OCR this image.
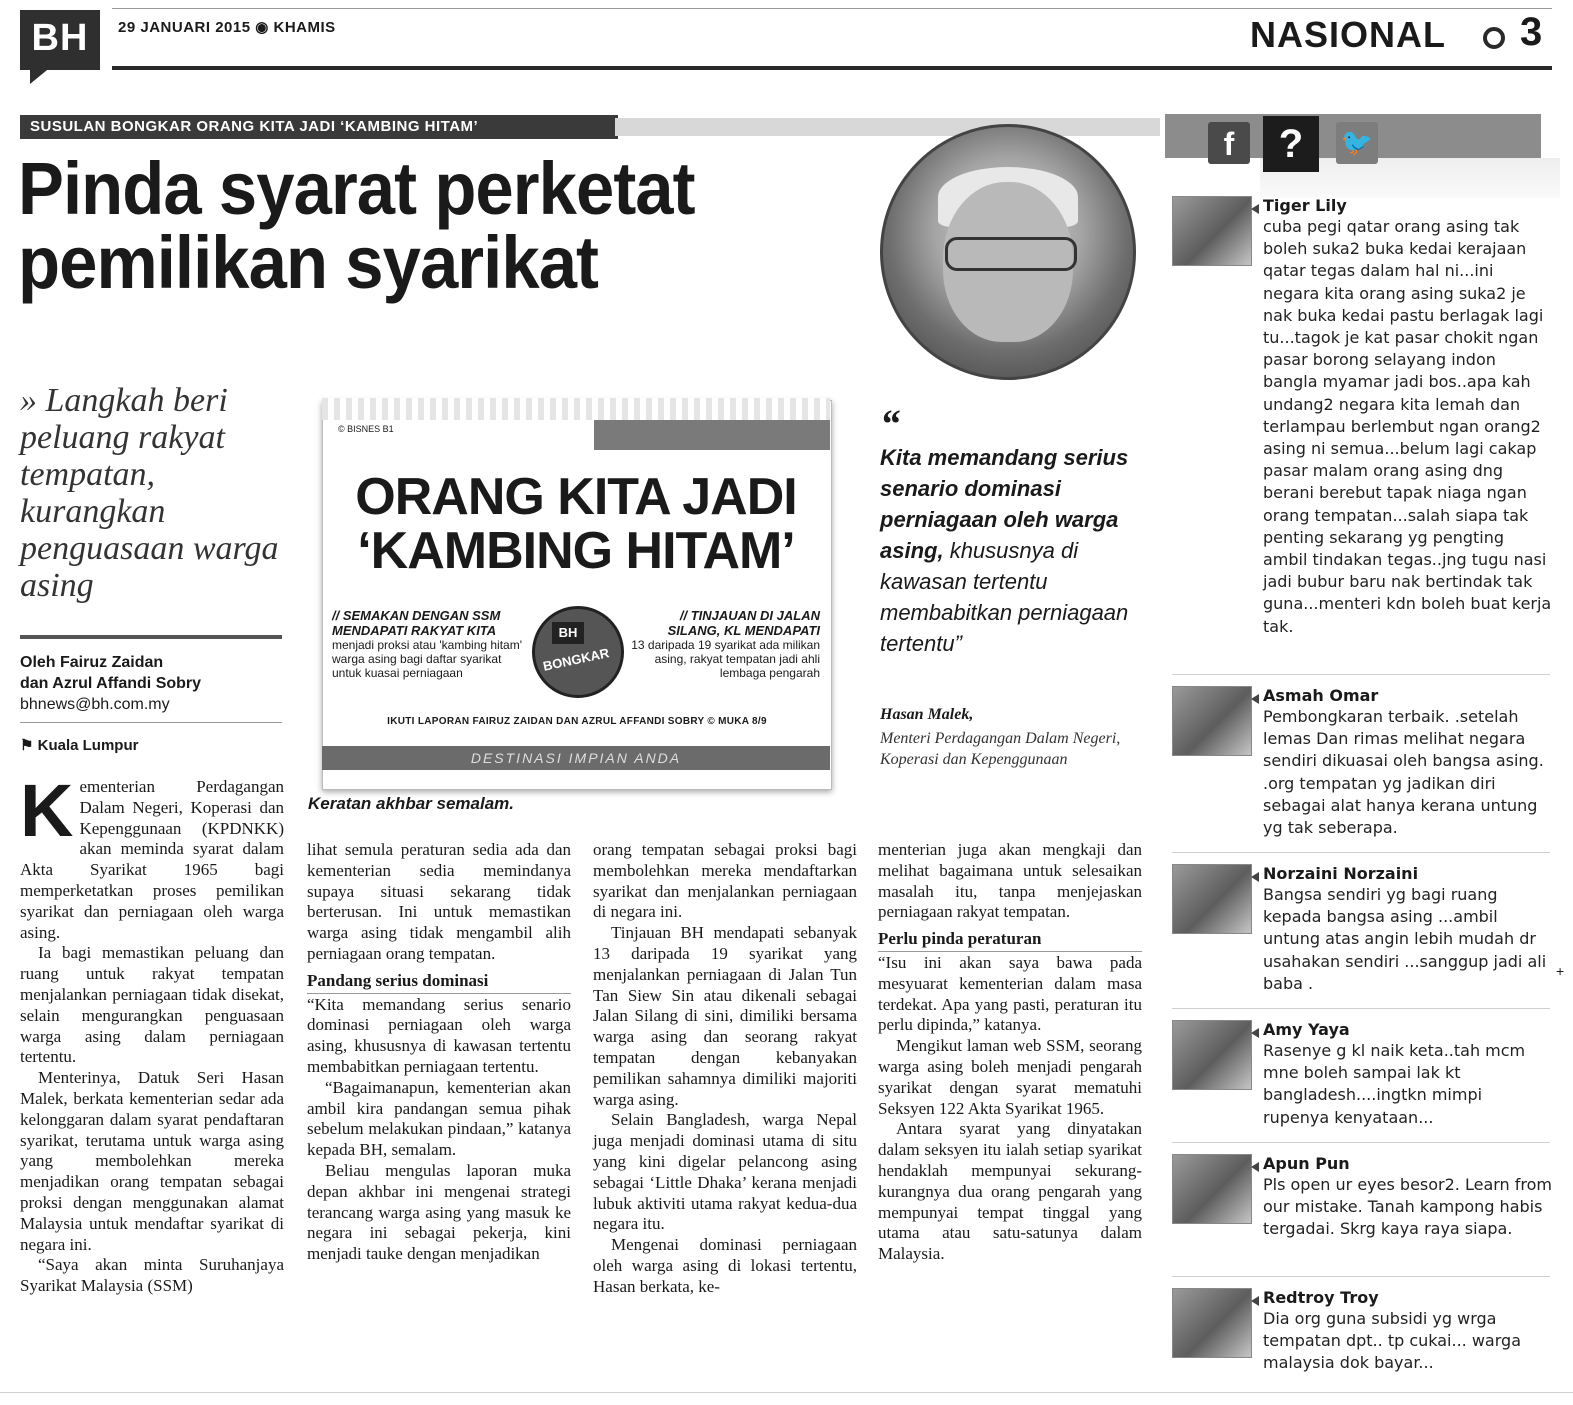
BH	29 JANUARI 2015 ◉ KHAMIS	NASIONAL 3
SUSULAN BONGKAR ORANG KITA JADI ‘KAMBING HITAM’
Pinda syarat perketat
pemilikan syarikat
» Langkah beri peluang rakyat tempatan, kurangkan penguasaan warga asing
Oleh Fairuz Zaidan
dan Azrul Affandi Sobry
bhnews@bh.com.my
⚑ Kuala Lumpur
© BISNES B1
ORANG KITA JADI
‘KAMBING HITAM’
// SEMAKAN DENGAN SSM MENDAPATI RAKYAT KITA
menjadi proksi atau 'kambing hitam' warga asing bagi daftar syarikat untuk kuasai perniagaan
// TINJAUAN DI JALAN SILANG, KL MENDAPATI
13 daripada 19 syarikat ada milikan asing, rakyat tempatan jadi ahli lembaga pengarah
BH
BONGKAR
IKUTI LAPORAN FAIRUZ ZAIDAN DAN AZRUL AFFANDI SOBRY © MUKA 8/9
DESTINASI IMPIAN ANDA
Keratan akhbar semalam.
“
Kita memandang serius senario dominasi perniagaan oleh warga asing, khususnya di kawasan tertentu membabitkan perniagaan tertentu”
Hasan Malek,
Menteri Perdagangan Dalam Negeri, Koperasi dan Kepenggunaan

Kementerian Perdagangan Dalam Negeri, Koperasi dan Kepenggunaan (KPDNKK) akan meminda syarat dalam Akta Syarikat 1965 bagi memperketatkan proses pemilikan syarikat dan perniagaan oleh warga asing.

Ia bagi memastikan peluang dan ruang untuk rakyat tempatan menjalankan perniagaan tidak disekat, selain mengurangkan penguasaan warga asing dalam perniagaan tertentu.

Menterinya, Datuk Seri Hasan Malek, berkata kementerian sedar ada kelonggaran dalam syarat pendaftaran syarikat, terutama untuk warga asing yang membolehkan mereka menjadikan orang tempatan sebagai proksi dengan menggunakan alamat Malaysia untuk mendaftar syarikat di negara ini.

“Saya akan minta Suruhanjaya Syarikat Malaysia (SSM)

lihat semula peraturan sedia ada dan kementerian sedia memindanya supaya situasi sekarang tidak berterusan. Ini untuk memastikan warga asing tidak mengambil alih perniagaan orang tempatan.

Pandang serius dominasi

“Kita memandang serius senario dominasi perniagaan oleh warga asing, khususnya di kawasan tertentu membabitkan perniagaan tertentu.

“Bagaimanapun, kementerian akan ambil kira pandangan semua pihak sebelum melakukan pindaan,” katanya kepada BH, semalam.

Beliau mengulas laporan muka depan akhbar ini mengenai strategi terancang warga asing yang masuk ke negara ini sebagai pekerja, kini menjadi tauke dengan menjadikan

orang tempatan sebagai proksi bagi membolehkan mereka mendaftarkan syarikat dan menjalankan perniagaan di negara ini.

Tinjauan BH mendapati sebanyak 13 daripada 19 syarikat yang menjalankan perniagaan di Jalan Tun Tan Siew Sin atau dikenali sebagai Jalan Silang di sini, dimiliki bersama warga asing dan seorang rakyat tempatan dengan kebanyakan pemilikan sahamnya dimiliki majoriti warga asing.

Selain Bangladesh, warga Nepal juga menjadi dominasi utama di situ yang kini digelar pelancong asing sebagai ‘Little Dhaka’ kerana menjadi lubuk aktiviti utama rakyat kedua-dua negara itu.

Mengenai dominasi perniagaan oleh warga asing di lokasi tertentu, Hasan berkata, ke-

menterian juga akan mengkaji dan melihat bagaimana untuk selesaikan masalah itu, tanpa menjejaskan perniagaan rakyat tempatan.

Perlu pinda peraturan

“Isu ini akan saya bawa pada mesyuarat kementerian dalam masa terdekat. Apa yang pasti, peraturan itu perlu dipinda,” katanya.

Mengikut laman web SSM, seorang warga asing boleh menjadi pengarah syarikat dengan syarat mematuhi Seksyen 122 Akta Syarikat 1965.

Antara syarat yang dinyatakan dalam seksyen itu ialah setiap syarikat hendaklah mempunyai sekurang-kurangnya dua orang pengarah yang mempunyai tempat tinggal yang utama atau satu-satunya dalam Malaysia.

f	?	🐦
Tiger Lily
cuba pegi qatar orang asing tak boleh suka2 buka kedai kerajaan qatar tegas dalam hal ni...ini negara kita orang asing suka2 je nak buka kedai pastu berlagak lagi tu...tagok je kat pasar chokit ngan pasar borong selayang indon bangla myamar jadi bos..apa kah undang2 negara kita lemah dan terlampau berlembut ngan orang2 asing ni semua...belum lagi cakap pasar malam orang asing dng berani berebut tapak niaga ngan orang tempatan...salah siapa tak penting sekarang yg pengting ambil tindakan tegas..jng tugu nasi jadi bubur baru nak bertindak tak guna...menteri kdn boleh buat kerja tak.
Asmah Omar
Pembongkaran terbaik. .setelah lemas Dan rimas melihat negara sendiri dikuasai oleh bangsa asing. .org tempatan yg jadikan diri sebagai alat hanya kerana untung yg tak seberapa.
Norzaini Norzaini
Bangsa sendiri yg bagi ruang kepada bangsa asing ...ambil untung atas angin lebih mudah dr usahakan sendiri ...sanggup jadi ali baba .
Amy Yaya
Rasenye g kl naik keta..tah mcm mne boleh sampai lak kt bangladesh....ingtkn mimpi rupenya kenyataan...
Apun Pun
Pls open ur eyes besor2. Learn from our mistake. Tanah kampong habis tergadai. Skrg kaya raya siapa.
Redtroy Troy
Dia org guna subsidi yg wrga tempatan dpt.. tp cukai... warga malaysia dok bayar...
+
